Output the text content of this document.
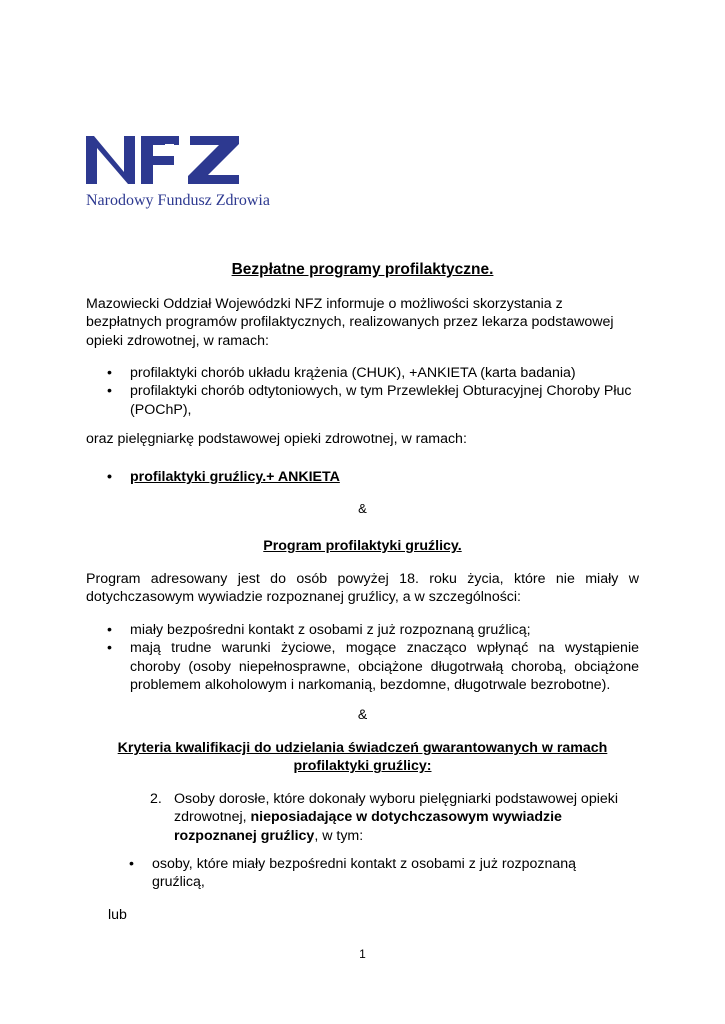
Narodowy Fundusz Zdrowia
Bezpłatne programy profilaktyczne.
Mazowiecki Oddział Wojewódzki NFZ informuje o możliwości skorzystania z bezpłatnych programów profilaktycznych, realizowanych przez lekarza podstawowej opieki zdrowotnej, w ramach:
• profilaktyki chorób układu krążenia (CHUK), +ANKIETA (karta badania)
• profilaktyki chorób odtytoniowych, w tym Przewlekłej Obturacyjnej Choroby Płuc (POChP),
oraz pielęgniarkę podstawowej opieki zdrowotnej, w ramach:
• profilaktyki gruźlicy.+ ANKIETA
&
Program profilaktyki gruźlicy.
Program adresowany jest do osób powyżej 18. roku życia, które nie miały w dotychczasowym wywiadzie rozpoznanej gruźlicy, a w szczególności:
• miały bezpośredni kontakt z osobami z już rozpoznaną gruźlicą;
• mają trudne warunki życiowe, mogące znacząco wpłynąć na wystąpienie choroby (osoby niepełnosprawne, obciążone długotrwałą chorobą, obciążone problemem alkoholowym i narkomanią, bezdomne, długotrwale bezrobotne).
&
Kryteria kwalifikacji do udzielania świadczeń gwarantowanych w ramach
profilaktyki gruźlicy:
2. Osoby dorosłe, które dokonały wyboru pielęgniarki podstawowej opieki zdrowotnej, nieposiadające w dotychczasowym wywiadzie rozpoznanej gruźlicy, w tym:
• osoby, które miały bezpośredni kontakt z osobami z już rozpoznaną gruźlicą,
lub
1
